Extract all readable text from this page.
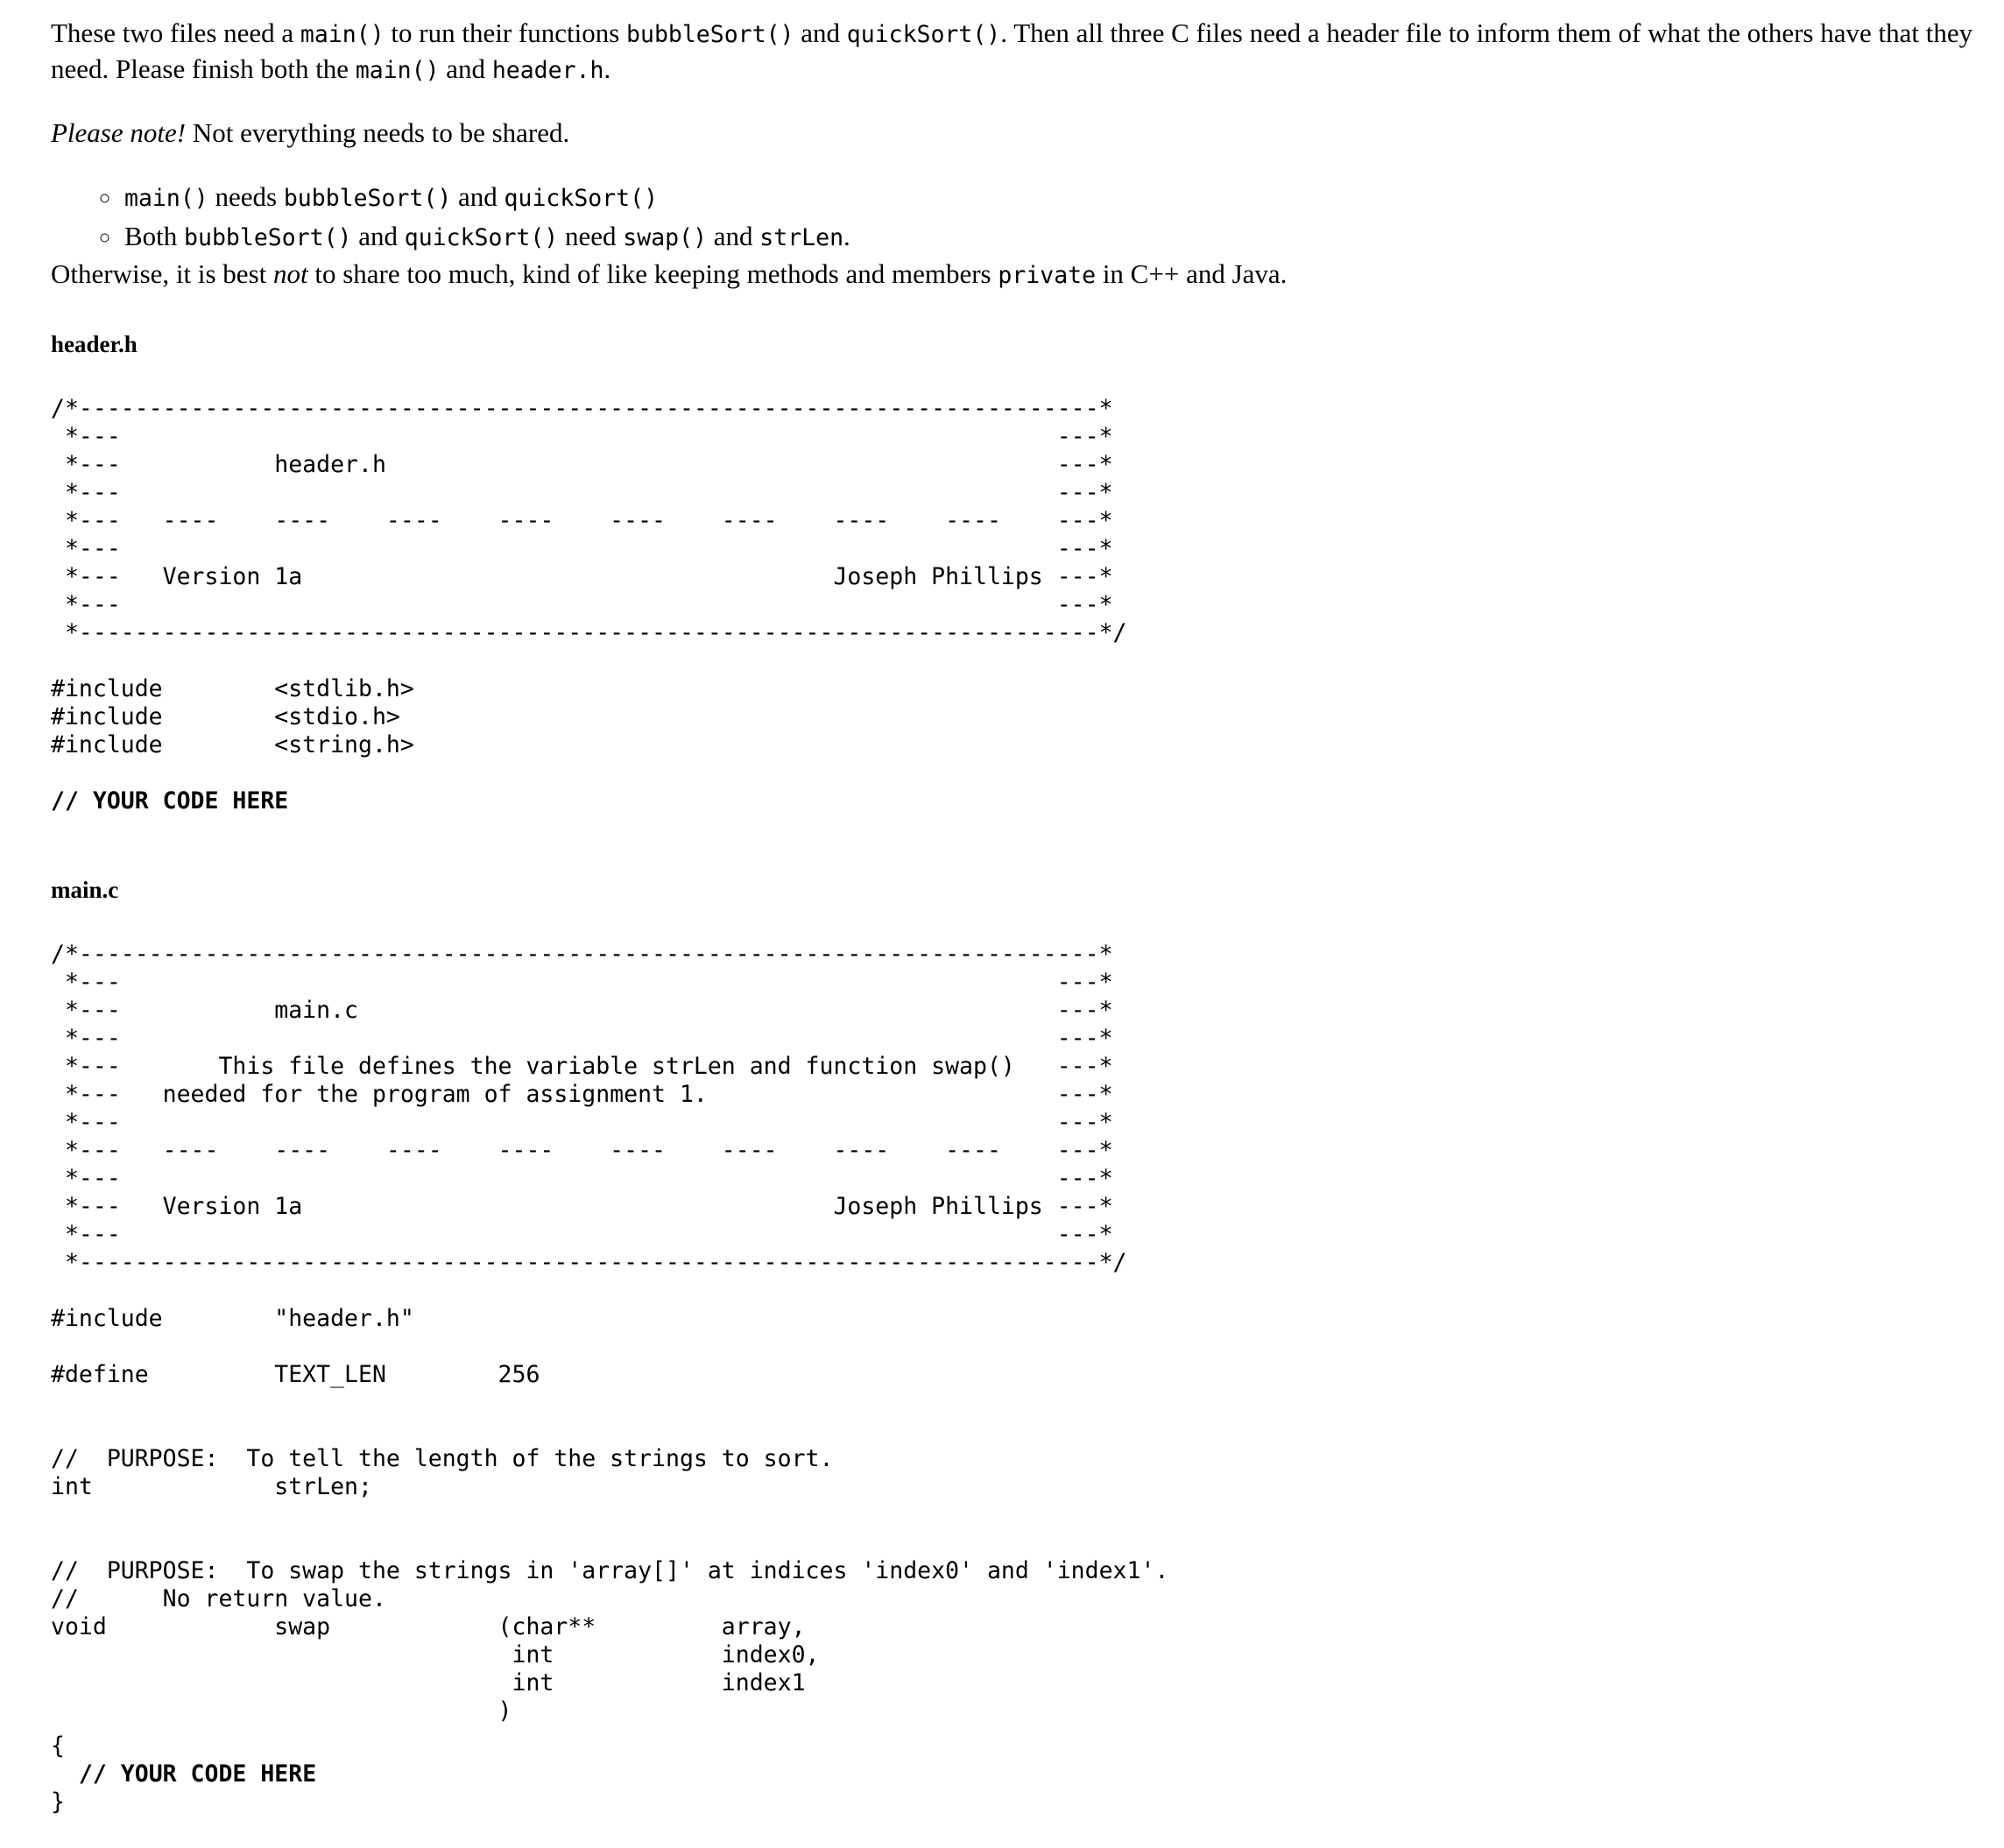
These two files need a main() to run their functions bubbleSort() and quickSort(). Then all three C files need a header file to inform them of what the others have that they need. Please finish both the main() and header.h.

Please note! Not everything needs to be shared.

◦ main() needs bubbleSort() and quickSort()
◦ Both bubbleSort() and quickSort() need swap() and strLen.

Otherwise, it is best not to share too much, kind of like keeping methods and members private in C++ and Java.

header.h
/*-------------------------------------------------------------------------*
*---                                                                   ---*
*---           header.h                                                ---*
*---                                                                   ---*
*---   ----    ----    ----    ----    ----    ----    ----    ----    ---*
*---                                                                   ---*
*---   Version 1a                                      Joseph Phillips ---*
*---                                                                   ---*
*-------------------------------------------------------------------------*/
#include        <stdlib.h>
#include        <stdio.h>
#include        <string.h>
// YOUR CODE HERE
main.c
/*-------------------------------------------------------------------------*
*---                                                                   ---*
*---           main.c                                                  ---*
*---                                                                   ---*
*---       This file defines the variable strLen and function swap()   ---*
*---   needed for the program of assignment 1.                         ---*
*---                                                                   ---*
*---   ----    ----    ----    ----    ----    ----    ----    ----    ---*
*---                                                                   ---*
*---   Version 1a                                      Joseph Phillips ---*
*---                                                                   ---*
*-------------------------------------------------------------------------*/
#include        "header.h"
#define         TEXT_LEN        256
//  PURPOSE:  To tell the length of the strings to sort.
int             strLen;
//  PURPOSE:  To swap the strings in 'array[]' at indices 'index0' and 'index1'.
//      No return value.
void            swap            (char**         array,
int            index0,
int            index1
)
{
// YOUR CODE HERE
}
